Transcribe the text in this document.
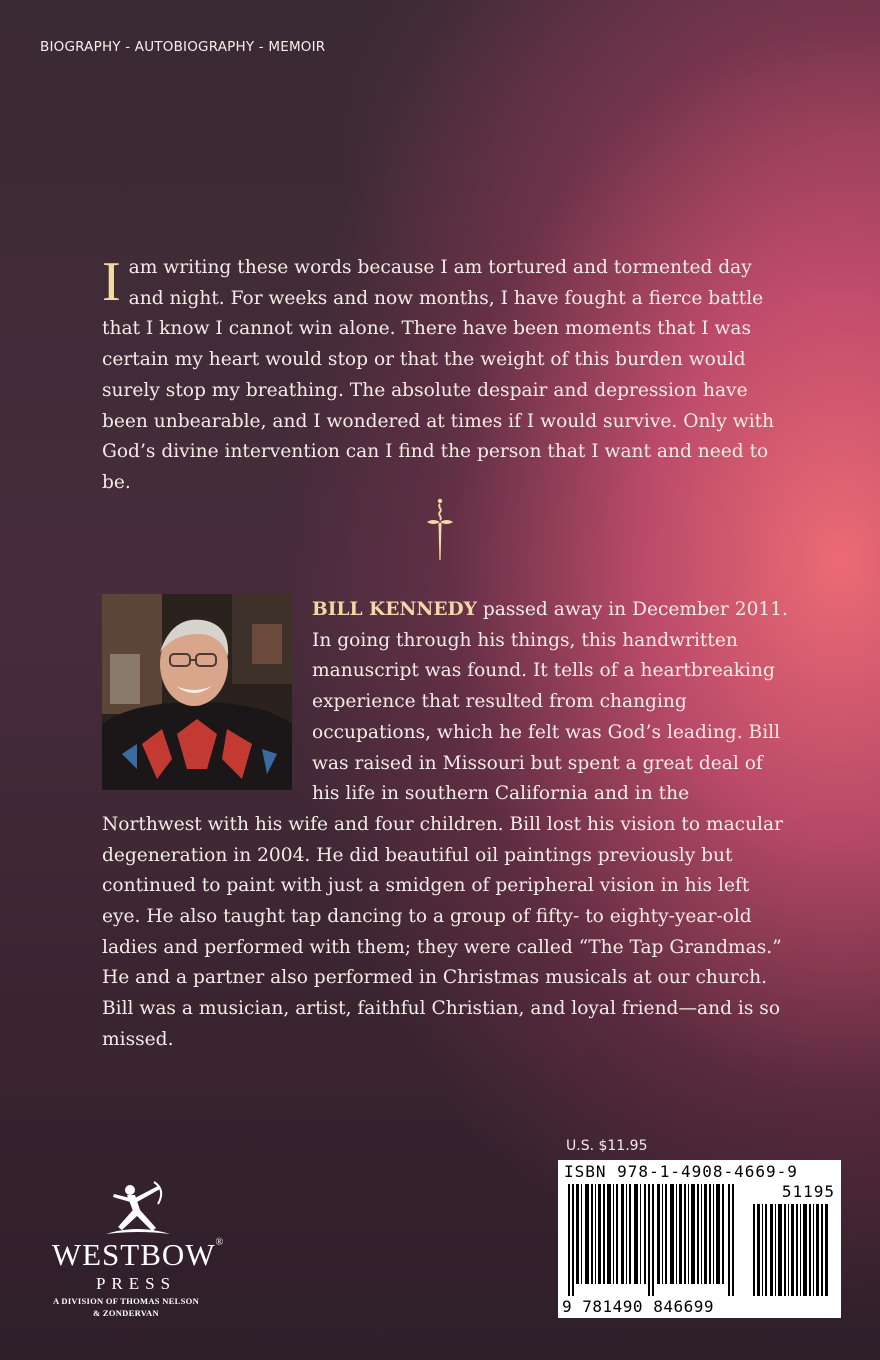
BIOGRAPHY - AUTOBIOGRAPHY - MEMOIR
I am writing these words because I am tortured and tormented day and night. For weeks and now months, I have fought a fierce battle that I know I cannot win alone. There have been moments that I was certain my heart would stop or that the weight of this burden would surely stop my breathing. The absolute despair and depression have been unbearable, and I wondered at times if I would survive. Only with God’s divine intervention can I find the person that I want and need to be.
BILL KENNEDY passed away in December 2011. In going through his things, this handwritten manuscript was found. It tells of a heartbreaking experience that resulted from changing occupations, which he felt was God’s leading. Bill was raised in Missouri but spent a great deal of his life in southern California and in the Northwest with his wife and four children. Bill lost his vision to macular degeneration in 2004. He did beautiful oil paintings previously but continued to paint with just a smidgen of peripheral vision in his left eye. He also taught tap dancing to a group of fifty- to eighty-year-old ladies and performed with them; they were called “The Tap Grandmas.” He and a partner also performed in Christmas musicals at our church. Bill was a musician, artist, faithful Christian, and loyal friend—and is so missed.
U.S. $11.95
ISBN 978-1-4908-4669-9
51195
9 781490 846699
WESTBOW®
PRESS
A DIVISION OF THOMAS NELSON
& ZONDERVAN
